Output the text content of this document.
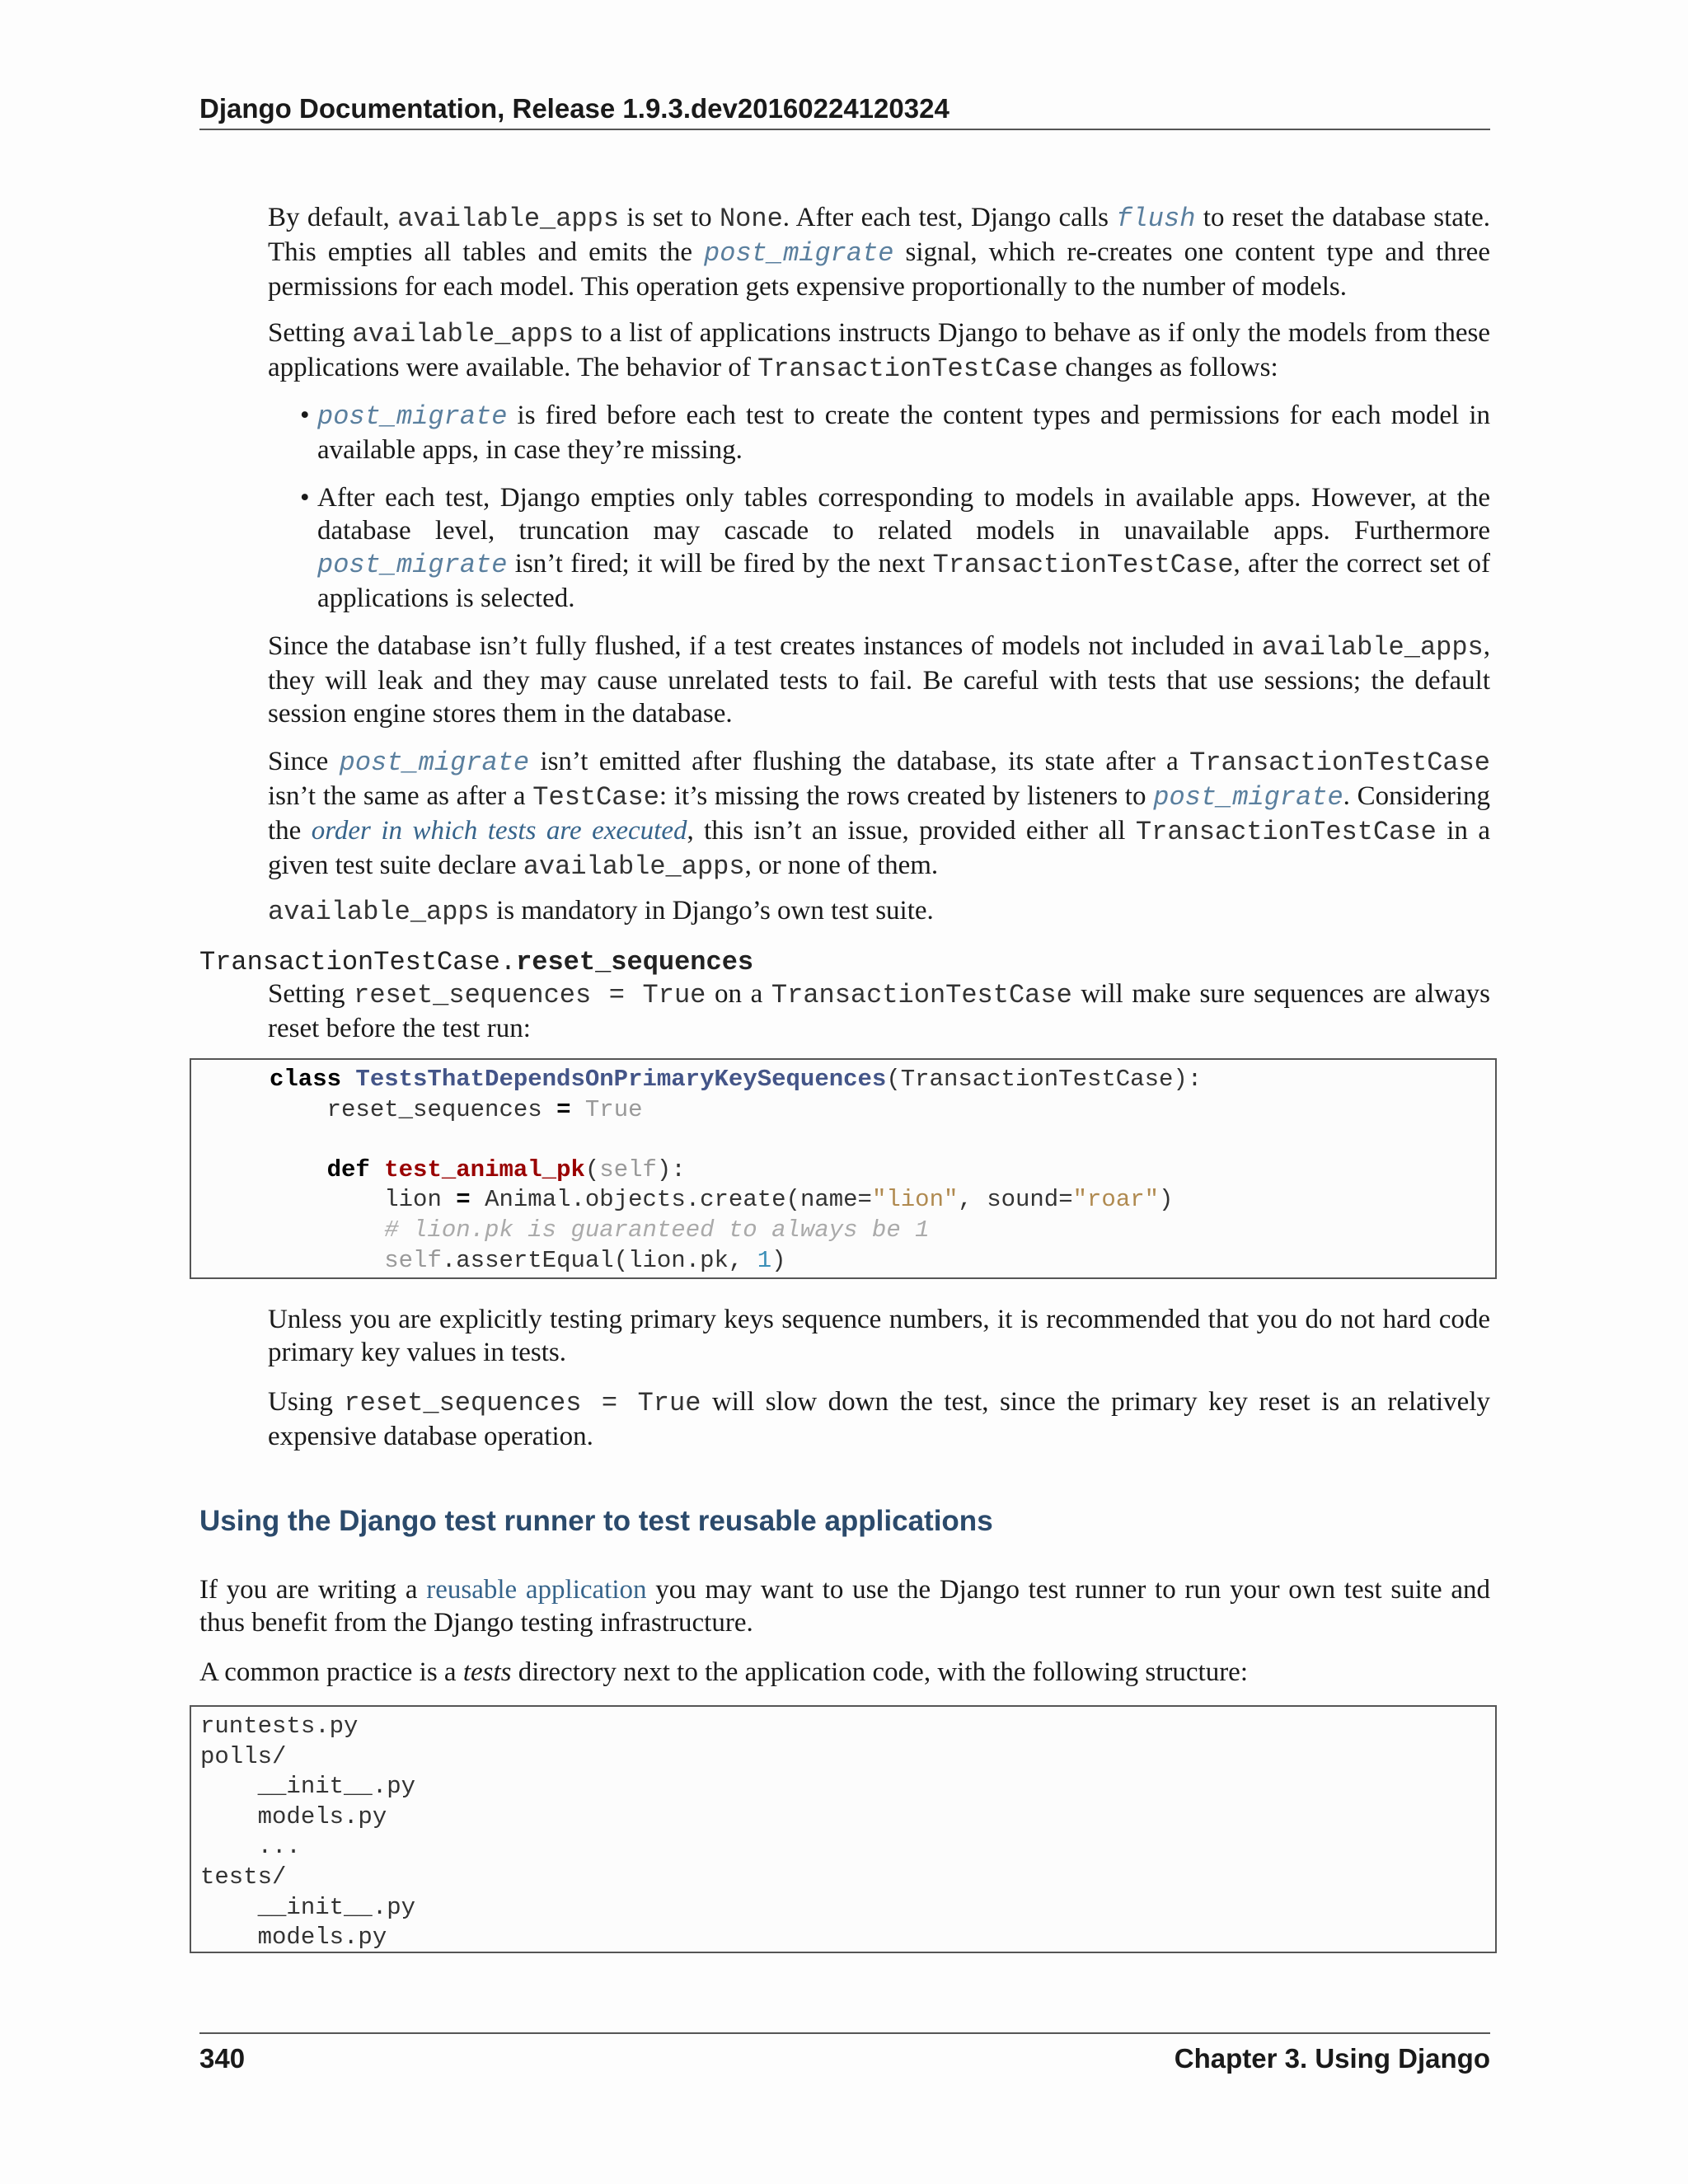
Django Documentation, Release 1.9.3.dev20160224120324
By default, available_apps is set to None. After each test, Django calls flush to reset the database state. This empties all tables and emits the post_migrate signal, which re-creates one content type and three permissions for each model. This operation gets expensive proportionally to the number of models.
Setting available_apps to a list of applications instructs Django to behave as if only the models from these applications were available. The behavior of TransactionTestCase changes as follows:
• post_migrate is fired before each test to create the content types and permissions for each model in available apps, in case they’re missing.
• After each test, Django empties only tables corresponding to models in available apps. However, at the database level, truncation may cascade to related models in unavailable apps. Furthermore post_migrate isn’t fired; it will be fired by the next TransactionTestCase, after the correct set of applications is selected.
Since the database isn’t fully flushed, if a test creates instances of models not included in available_apps, they will leak and they may cause unrelated tests to fail. Be careful with tests that use sessions; the default session engine stores them in the database.
Since post_migrate isn’t emitted after flushing the database, its state after a TransactionTestCase isn’t the same as after a TestCase: it’s missing the rows created by listeners to post_migrate. Considering the order in which tests are executed, this isn’t an issue, provided either all TransactionTestCase in a given test suite declare available_apps, or none of them.
available_apps is mandatory in Django’s own test suite.
TransactionTestCase.reset_sequences
Setting reset_sequences = True on a TransactionTestCase will make sure sequences are always reset before the test run:
class TestsThatDependsOnPrimaryKeySequences(TransactionTestCase):
reset_sequences = True

def test_animal_pk(self):
lion = Animal.objects.create(name="lion", sound="roar")
# lion.pk is guaranteed to always be 1
self.assertEqual(lion.pk, 1)
Unless you are explicitly testing primary keys sequence numbers, it is recommended that you do not hard code primary key values in tests.
Using reset_sequences = True will slow down the test, since the primary key reset is an relatively expensive database operation.
Using the Django test runner to test reusable applications
If you are writing a reusable application you may want to use the Django test runner to run your own test suite and thus benefit from the Django testing infrastructure.
A common practice is a tests directory next to the application code, with the following structure:
runtests.py
polls/
__init__.py
models.py
...
tests/
__init__.py
models.py
340	Chapter 3. Using Django
